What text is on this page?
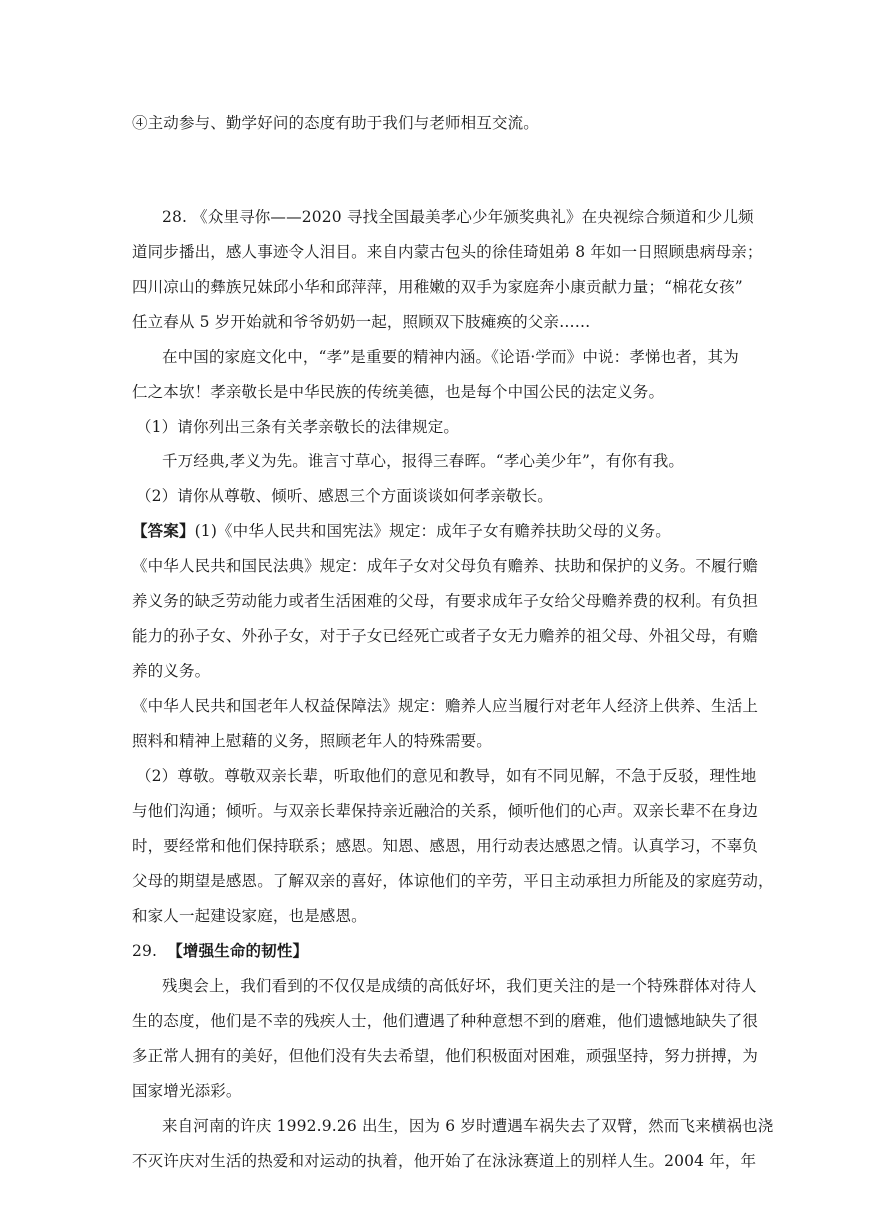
④主动参与、勤学好问的态度有助于我们与老师相互交流。
28. 《众里寻你——2020 寻找全国最美孝心少年颁奖典礼》在央视综合频道和少儿频
道同步播出，感人事迹令人泪目。来自内蒙古包头的徐佳琦姐弟 8 年如一日照顾患病母亲；
四川凉山的彝族兄妹邱小华和邱萍萍，用稚嫩的双手为家庭奔小康贡献力量；“棉花女孩”
任立春从 5 岁开始就和爷爷奶奶一起，照顾双下肢瘫痪的父亲……
在中国的家庭文化中，“孝”是重要的精神内涵。《论语·学而》中说：孝悌也者，其为
仁之本欤！孝亲敬长是中华民族的传统美德，也是每个中国公民的法定义务。
（1）请你列出三条有关孝亲敬长的法律规定。
千万经典,孝义为先。谁言寸草心，报得三春晖。“孝心美少年”，有你有我。
（2）请你从尊敬、倾听、感恩三个方面谈谈如何孝亲敬长。
【答案】(1)《中华人民共和国宪法》规定：成年子女有赡养扶助父母的义务。
《中华人民共和国民法典》规定：成年子女对父母负有赡养、扶助和保护的义务。不履行赡
养义务的缺乏劳动能力或者生活困难的父母，有要求成年子女给父母赡养费的权利。有负担
能力的孙子女、外孙子女，对于子女已经死亡或者子女无力赡养的祖父母、外祖父母，有赡
养的义务。
《中华人民共和国老年人权益保障法》规定：赡养人应当履行对老年人经济上供养、生活上
照料和精神上慰藉的义务，照顾老年人的特殊需要。
（2）尊敬。尊敬双亲长辈，听取他们的意见和教导，如有不同见解，不急于反驳，理性地
与他们沟通；倾听。与双亲长辈保持亲近融洽的关系，倾听他们的心声。双亲长辈不在身边
时，要经常和他们保持联系；感恩。知恩、感恩，用行动表达感恩之情。认真学习，不辜负
父母的期望是感恩。了解双亲的喜好，体谅他们的辛劳，平日主动承担力所能及的家庭劳动，
和家人一起建设家庭，也是感恩。
29. 【增强生命的韧性】
残奥会上，我们看到的不仅仅是成绩的高低好坏，我们更关注的是一个特殊群体对待人
生的态度，他们是不幸的残疾人士，他们遭遇了种种意想不到的磨难，他们遗憾地缺失了很
多正常人拥有的美好，但他们没有失去希望，他们积极面对困难，顽强坚持，努力拼搏，为
国家增光添彩。
来自河南的许庆 1992.9.26 出生，因为 6 岁时遭遇车祸失去了双臂，然而飞来横祸也浇
不灭许庆对生活的热爱和对运动的执着，他开始了在泳泳赛道上的别样人生。2004 年，年
